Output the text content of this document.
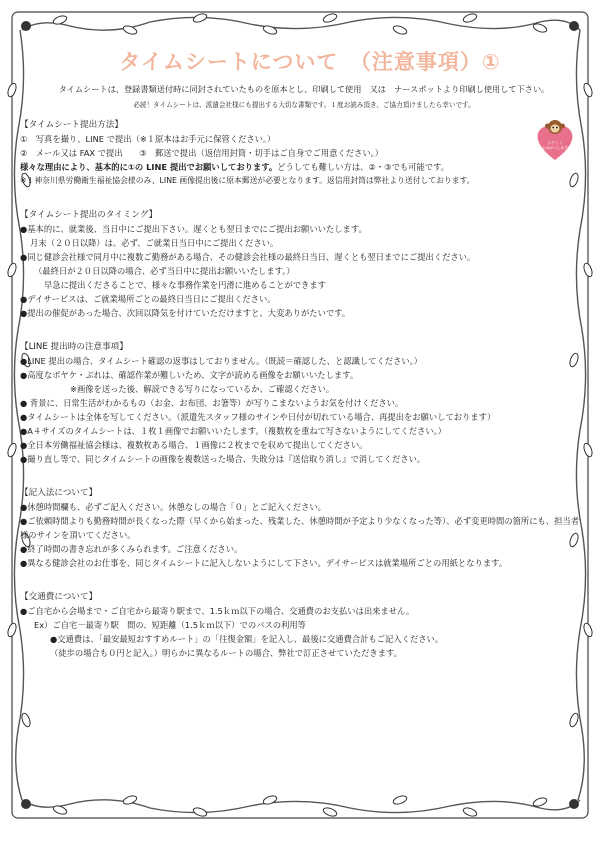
タイムシートについて　（注意事項）①
タイムシートは、登録書類送付時に同封されていたものを原本とし、印刷して使用　又は　ナースポットより印刷し使用して下さい。
必読！タイムシートは、派遣会社様にも提出する大切な書類です。１度お読み頂き、ご協力頂けましたら幸いです。
よろしく
おねがいします
【タイムシート提出方法】
①　写真を撮り、LINE で提出（※１原本はお手元に保管ください。）
②　メール又は FAX で提出　　③　郵送で提出（返信用封筒・切手はご自身でご用意ください。）
様々な理由により、基本的に①の LINE 提出でお願いしております。どうしても難しい方は、②・③でも可能です。
※１神奈川県労働衛生福祉協会様のみ、LINE 画像提出後に原本郵送が必要となります。返信用封筒は弊社より送付しております。
【タイムシート提出のタイミング】
●基本的に、就業後、当日中にご提出下さい。遅くとも翌日までにご提出お願いいたします。
月末（２０日以降）は、必ず、ご就業日当日中にご提出ください。
●同じ健診会社様で同月中に複数ご勤務がある場合、その健診会社様の最終日当日、遅くとも翌日までにご提出ください。
（最終日が２０日以降の場合、必ず当日中に提出お願いいたします。）
早急に提出くださることで、様々な事務作業を円滑に進めることができます
●デイサービスは、ご就業場所ごとの最終日当日にご提出ください。
●提出の催促があった場合、次回以降気を付けていただけますと、大変ありがたいです。
【LINE 提出時の注意事項】
●LINE 提出の場合、タイムシート確認の返事はしておりません。（既読＝確認した、と認識してください。）
●高度なボヤケ・ぶれは、確認作業が難しいため、文字が読める画像をお願いいたします。
※画像を送った後、解読できる写りになっているか、ご確認ください。
● 背景に、日常生活がわかるもの（お金、お布団、お箸等）が写りこまないようお気を付けください。
●タイムシートは全体を写してください。（派遣先スタッフ様のサインや日付が切れている場合、再提出をお願いしております）
●A４サイズのタイムシートは、１枚１画像でお願いいたします。（複数枚を重ねて写さないようにしてください。）
●全日本労働福祉協会様は、複数枚ある場合、１画像に２枚までを収めて提出してください。
●撮り直し等で、同じタイムシートの画像を複数送った場合、失敗分は『送信取り消し』で消してください。
【記入法について】
●休憩時間欄も、必ずご記入ください。休憩なしの場合「０」とご記入ください。
●ご依頼時間よりも勤務時間が長くなった際（早くから始まった、残業した、休憩時間が予定より少なくなった等）、必ず変更時間の箇所にも、担当者様のサインを頂いてください。
●終了時間の書き忘れが多くみられます。ご注意ください。
●異なる健診会社のお仕事を、同じタイムシートに記入しないようにして下さい。デイサービスは就業場所ごとの用紙となります。
【交通費について】
●ご自宅から会場まで・ご自宅から最寄り駅まで、1.5ｋｍ以下の場合、交通費のお支払いは出来ません。
Ex）ご自宅－最寄り駅　間の、短距離（1.5ｋｍ以下）でのバスの利用等
●交通費は、「最安最短おすすめルート」の「往復金額」を記入し、最後に交通費合計もご記入ください。
（徒歩の場合も０円と記入。）明らかに異なるルートの場合、弊社で訂正させていただきます。
